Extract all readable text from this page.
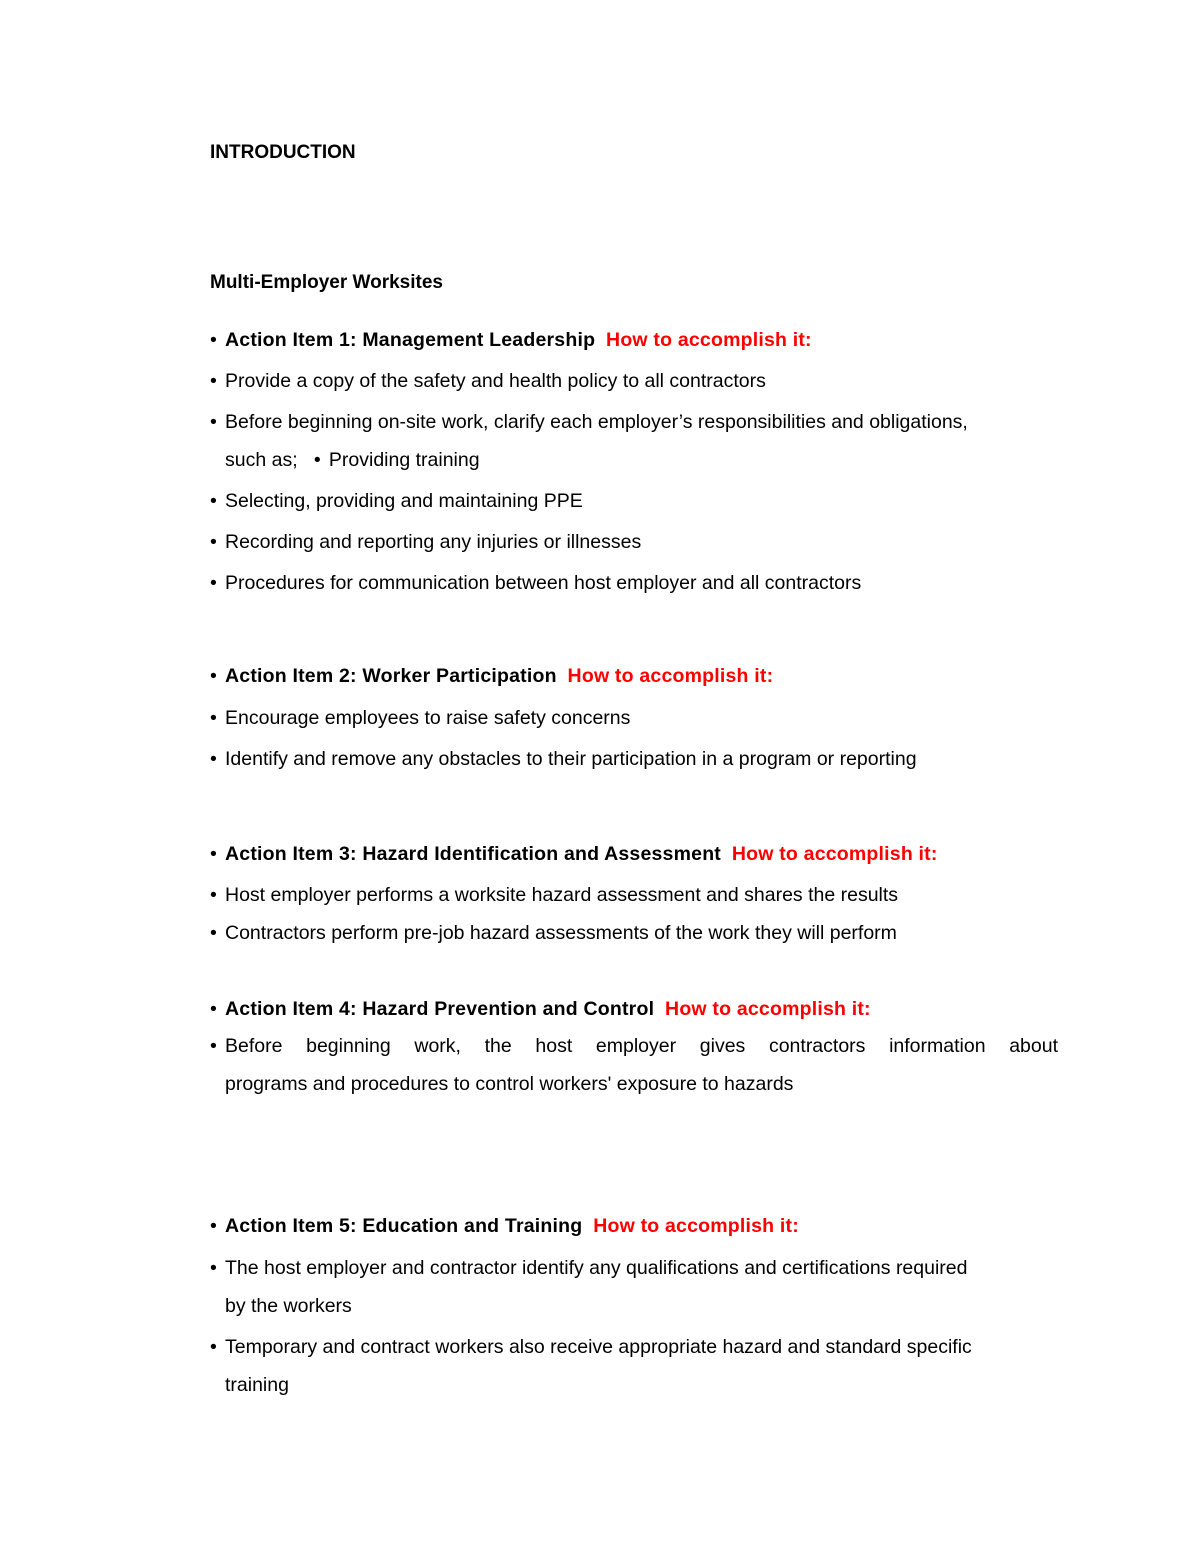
INTRODUCTION
Multi-Employer Worksites
• Action Item 1: Management Leadership How to accomplish it:
• Provide a copy of the safety and health policy to all contractors
• Before beginning on-site work, clarify each employer’s responsibilities and obligations,
such as; • Providing training
• Selecting, providing and maintaining PPE
• Recording and reporting any injuries or illnesses
• Procedures for communication between host employer and all contractors
• Action Item 2: Worker Participation How to accomplish it:
• Encourage employees to raise safety concerns
• Identify and remove any obstacles to their participation in a program or reporting
• Action Item 3: Hazard Identification and Assessment How to accomplish it:
• Host employer performs a worksite hazard assessment and shares the results
• Contractors perform pre-job hazard assessments of the work they will perform
• Action Item 4: Hazard Prevention and Control How to accomplish it:
• Before beginning work, the host employer gives contractors information about
programs and procedures to control workers' exposure to hazards
• Action Item 5: Education and Training How to accomplish it:
• The host employer and contractor identify any qualifications and certifications required
by the workers
• Temporary and contract workers also receive appropriate hazard and standard specific
training
